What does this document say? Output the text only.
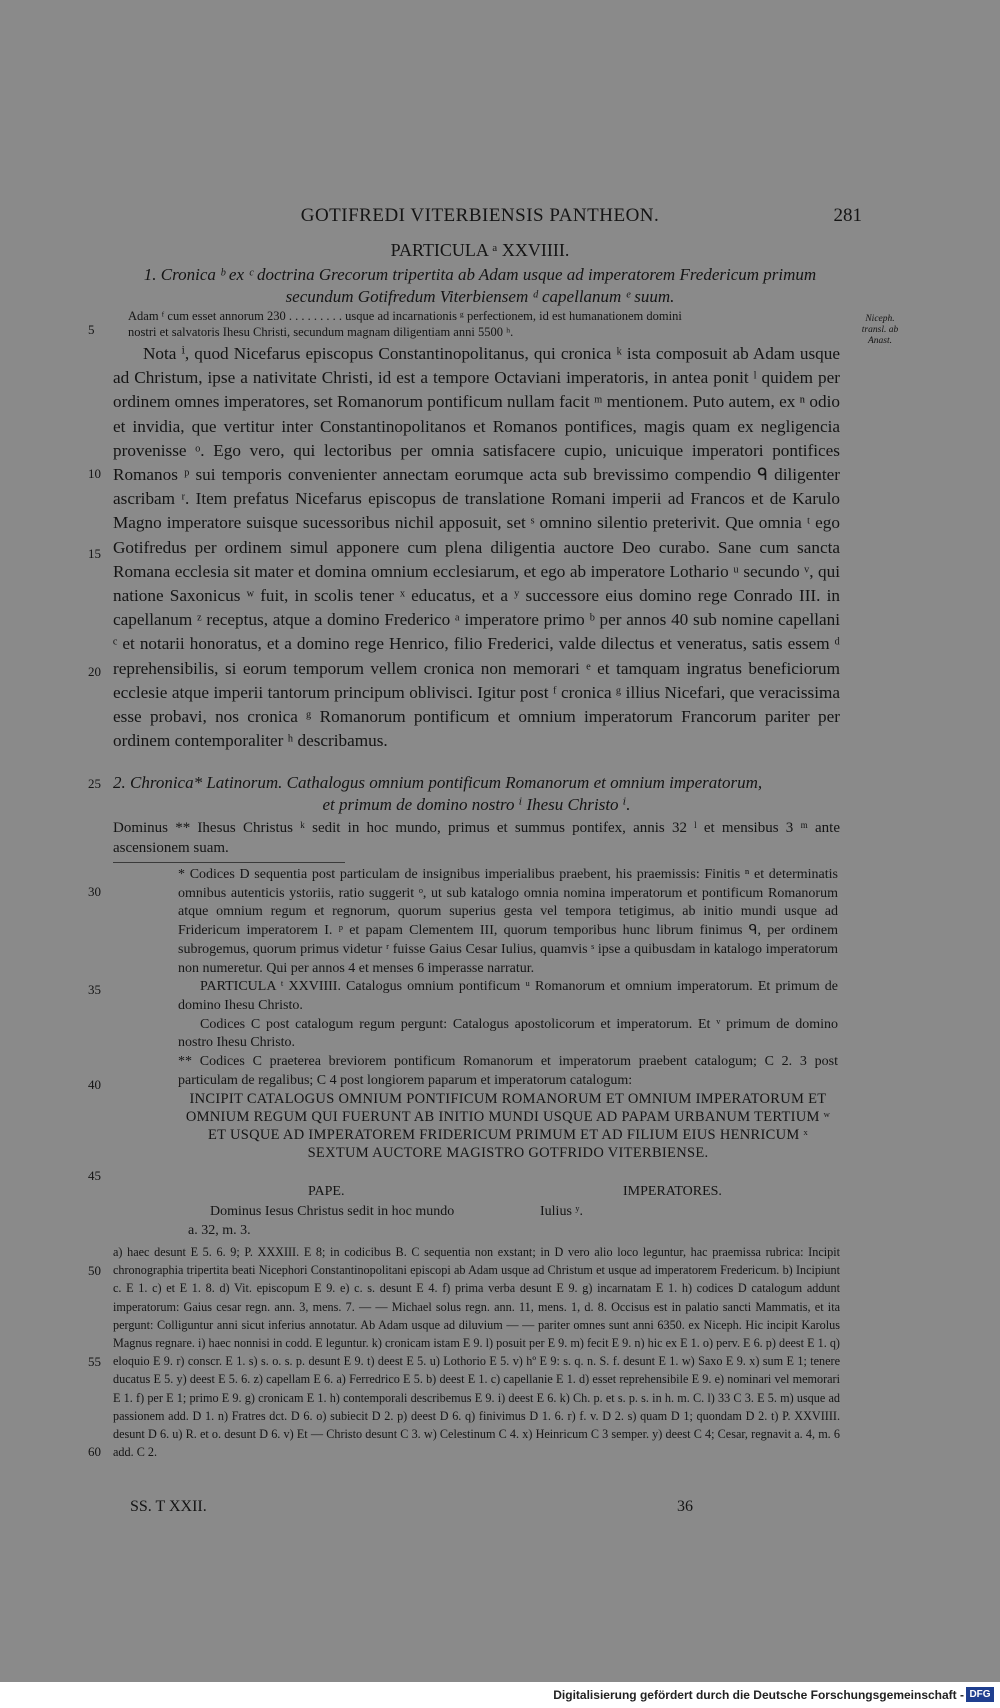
GOTIFREDI VITERBIENSIS PANTHEON.	281
PARTICULA ᵃ XXVIIII.
1. Cronica ᵇ ex ᶜ doctrina Grecorum tripertita ab Adam usque ad imperatorem Fredericum primum
secundum Gotifredum Viterbiensem ᵈ capellanum ᵉ suum.
Adam ᶠ cum esset annorum 230 . . . . . . . . . usque ad incarnationis ᵍ perfectionem, id est humanationem domini
nostri et salvatoris Ihesu Christi, secundum magnam diligentiam anni 5500 ʰ.
Niceph. transl. ab Anast.
5
10
15
20
25
30
35
40
45
50
55
60

Nota ⁱ, quod Nicefarus episcopus Constantinopolitanus, qui cronica ᵏ ista composuit ab Adam usque ad Christum, ipse a nativitate Christi, id est a tempore Octaviani imperatoris, in antea ponit ˡ quidem per ordinem omnes imperatores, set Romanorum pontificum nullam facit ᵐ mentionem. Puto autem, ex ⁿ odio et invidia, que vertitur inter Constantinopolitanos et Romanos pontifices, magis quam ex negligencia provenisse ᵒ. Ego vero, qui lectoribus per omnia satisfacere cupio, unicuique imperatori pontifices Romanos ᵖ sui temporis convenienter annectam eorumque acta sub brevissimo compendio ᑫ diligenter ascribam ʳ. Item prefatus Nicefarus episcopus de translatione Romani imperii ad Francos et de Karulo Magno imperatore suisque sucessoribus nichil apposuit, set ˢ omnino silentio preterivit. Que omnia ᵗ ego Gotifredus per ordinem simul apponere cum plena diligentia auctore Deo curabo. Sane cum sancta Romana ecclesia sit mater et domina omnium ecclesiarum, et ego ab imperatore Lothario ᵘ secundo ᵛ, qui natione Saxonicus ʷ fuit, in scolis tener ˣ educatus, et a ʸ successore eius domino rege Conrado III. in capellanum ᶻ receptus, atque a domino Frederico ᵃ imperatore primo ᵇ per annos 40 sub nomine capellani ᶜ et notarii honoratus, et a domino rege Henrico, filio Frederici, valde dilectus et veneratus, satis essem ᵈ reprehensibilis, si eorum temporum vellem cronica non memorari ᵉ et tamquam ingratus beneficiorum ecclesie atque imperii tantorum principum oblivisci. Igitur post ᶠ cronica ᵍ illius Nicefari, que veracissima esse probavi, nos cronica ᵍ Romanorum pontificum et omnium imperatorum Francorum pariter per ordinem contemporaliter ʰ describamus.

2. Chronica* Latinorum. Cathalogus omnium pontificum Romanorum et omnium imperatorum,
et primum de domino nostro ⁱ Ihesu Christo ⁱ.
Dominus ** Ihesus Christus ᵏ sedit in hoc mundo, primus et summus pontifex, annis 32 ˡ et mensibus 3 ᵐ ante ascensionem suam.

* Codices D sequentia post particulam de insignibus imperialibus praebent, his praemissis: Finitis ⁿ et determinatis omnibus autenticis ystoriis, ratio suggerit ᵒ, ut sub katalogo omnia nomina imperatorum et pontificum Romanorum atque omnium regum et regnorum, quorum superius gesta vel tempora tetigimus, ab initio mundi usque ad Fridericum imperatorem I. ᵖ et papam Clementem III, quorum temporibus hunc librum finimus ᑫ, per ordinem subrogemus, quorum primus videtur ʳ fuisse Gaius Cesar Iulius, quamvis ˢ ipse a quibusdam in katalogo imperatorum non numeretur. Qui per annos 4 et menses 6 imperasse narratur.

PARTICULA ᵗ XXVIIII. Catalogus omnium pontificum ᵘ Romanorum et omnium imperatorum. Et primum de domino Ihesu Christo.

Codices C post catalogum regum pergunt: Catalogus apostolicorum et imperatorum. Et ᵛ primum de domino nostro Ihesu Christo.

** Codices C praeterea breviorem pontificum Romanorum et imperatorum praebent catalogum; C 2. 3 post particulam de regalibus; C 4 post longiorem paparum et imperatorum catalogum:

INCIPIT CATALOGUS OMNIUM PONTIFICUM ROMANORUM ET OMNIUM IMPERATORUM ET OMNIUM REGUM QUI FUERUNT AB INITIO MUNDI USQUE AD PAPAM URBANUM TERTIUM ʷ ET USQUE AD IMPERATOREM FRIDERICUM PRIMUM ET AD FILIUM EIUS HENRICUM ˣ SEXTUM AUCTORE MAGISTRO GOTFRIDO VITERBIENSE.

PAPE.	IMPERATORES.
Dominus Iesus Christus sedit in hoc mundo	Iulius ʸ.
a. 32, m. 3.

a) haec desunt E 5. 6. 9; P. XXXIII. E 8; in codicibus B. C sequentia non exstant; in D vero alio loco leguntur, hac praemissa rubrica: Incipit chronographia tripertita beati Nicephori Constantinopolitani episcopi ab Adam usque ad Christum et usque ad imperatorem Fredericum. b) Incipiunt c. E 1. c) et E 1. 8. d) Vit. episcopum E 9. e) c. s. desunt E 4. f) prima verba desunt E 9. g) incarnatam E 1. h) codices D catalogum addunt imperatorum: Gaius cesar regn. ann. 3, mens. 7. — — Michael solus regn. ann. 11, mens. 1, d. 8. Occisus est in palatio sancti Mammatis, et ita pergunt: Colliguntur anni sicut inferius annotatur. Ab Adam usque ad diluvium — — pariter omnes sunt anni 6350. ex Niceph. Hic incipit Karolus Magnus regnare. i) haec nonnisi in codd. E leguntur. k) cronicam istam E 9. l) posuit per E 9. m) fecit E 9. n) hic ex E 1. o) perv. E 6. p) deest E 1. q) eloquio E 9. r) conscr. E 1. s) s. o. s. p. desunt E 9. t) deest E 5. u) Lothorio E 5. v) hº E 9: s. q. n. S. f. desunt E 1. w) Saxo E 9. x) sum E 1; tenere ducatus E 5. y) deest E 5. 6. z) capellam E 6. a) Ferredrico E 5. b) deest E 1. c) capellanie E 1. d) esset reprehensibile E 9. e) nominari vel memorari E 1. f) per E 1; primo E 9. g) cronicam E 1. h) contemporali describemus E 9. i) deest E 6. k) Ch. p. et s. p. s. in h. m. C. l) 33 C 3. E 5. m) usque ad passionem add. D 1. n) Fratres dct. D 6. o) subiecit D 2. p) deest D 6. q) finivimus D 1. 6. r) f. v. D 2. s) quam D 1; quondam D 2. t) P. XXVIIII. desunt D 6. u) R. et o. desunt D 6. v) Et — Christo desunt C 3. w) Celestinum C 4. x) Heinricum C 3 semper. y) deest C 4; Cesar, regnavit a. 4, m. 6 add. C 2.

SS. T XXII.	36
Digitalisierung gefördert durch die Deutsche Forschungsgemeinschaft - DFG
